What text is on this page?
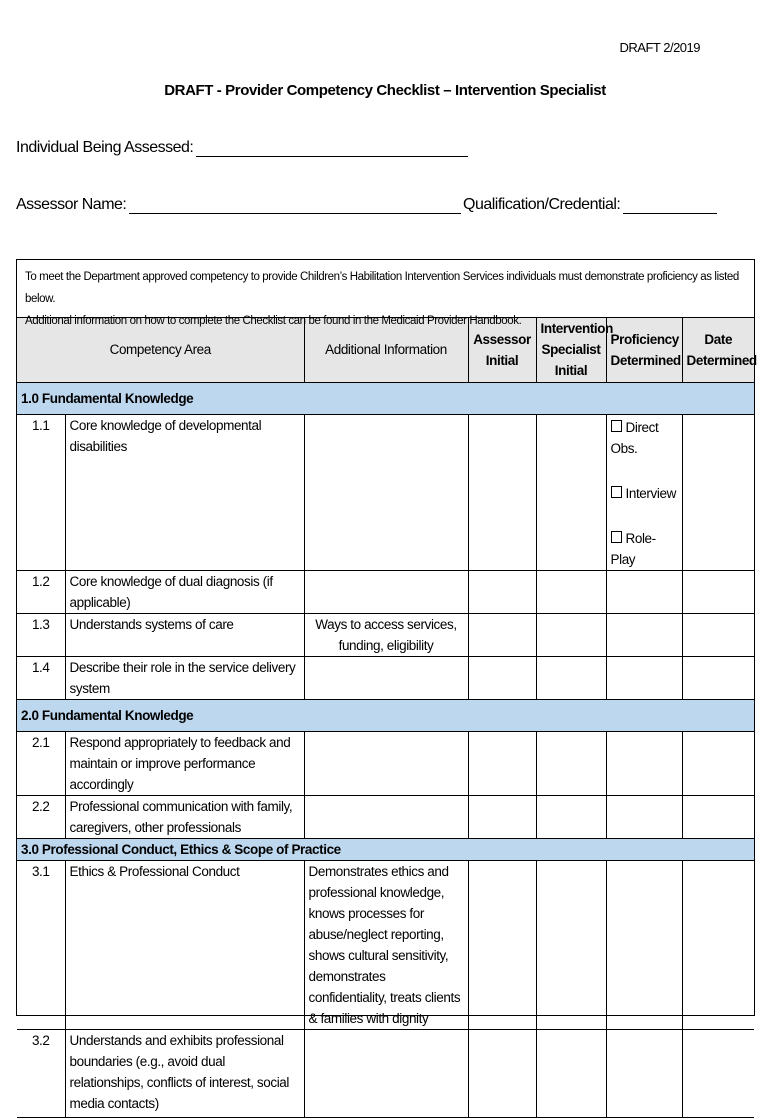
DRAFT 2/2019
DRAFT - Provider Competency Checklist – Intervention Specialist
Individual Being Assessed:
Assessor Name:	Qualification/Credential:
To meet the Department approved competency to provide Children’s Habilitation Intervention Services individuals must demonstrate proficiency as listed below.
Additional information on how to complete the Checklist can be found in the Medicaid Provider Handbook.
Competency Area		Additional Information	Assessor Initial	Intervention Specialist Initial	Proficiency Determined	Date Determined
1.0 Fundamental Knowledge						
1.1	Core knowledge of developmental disabilities				Direct Obs.
Interview
Role-Play	

1.2	Core knowledge of dual diagnosis (if applicable)					
1.3	Understands systems of care	Ways to access services, funding, eligibility				
1.4	Describe their role in the service delivery system					
2.0 Fundamental Knowledge						
2.1	Respond appropriately to feedback and maintain or improve performance accordingly					
2.2	Professional communication with family, caregivers, other professionals					
3.0 Professional Conduct, Ethics & Scope of Practice						
3.1	Ethics & Professional Conduct	Demonstrates ethics and professional knowledge, knows processes for abuse/neglect reporting, shows cultural sensitivity, demonstrates confidentiality, treats clients & families with dignity				
3.2	Understands and exhibits professional boundaries (e.g., avoid dual relationships, conflicts of interest, social media contacts)					
